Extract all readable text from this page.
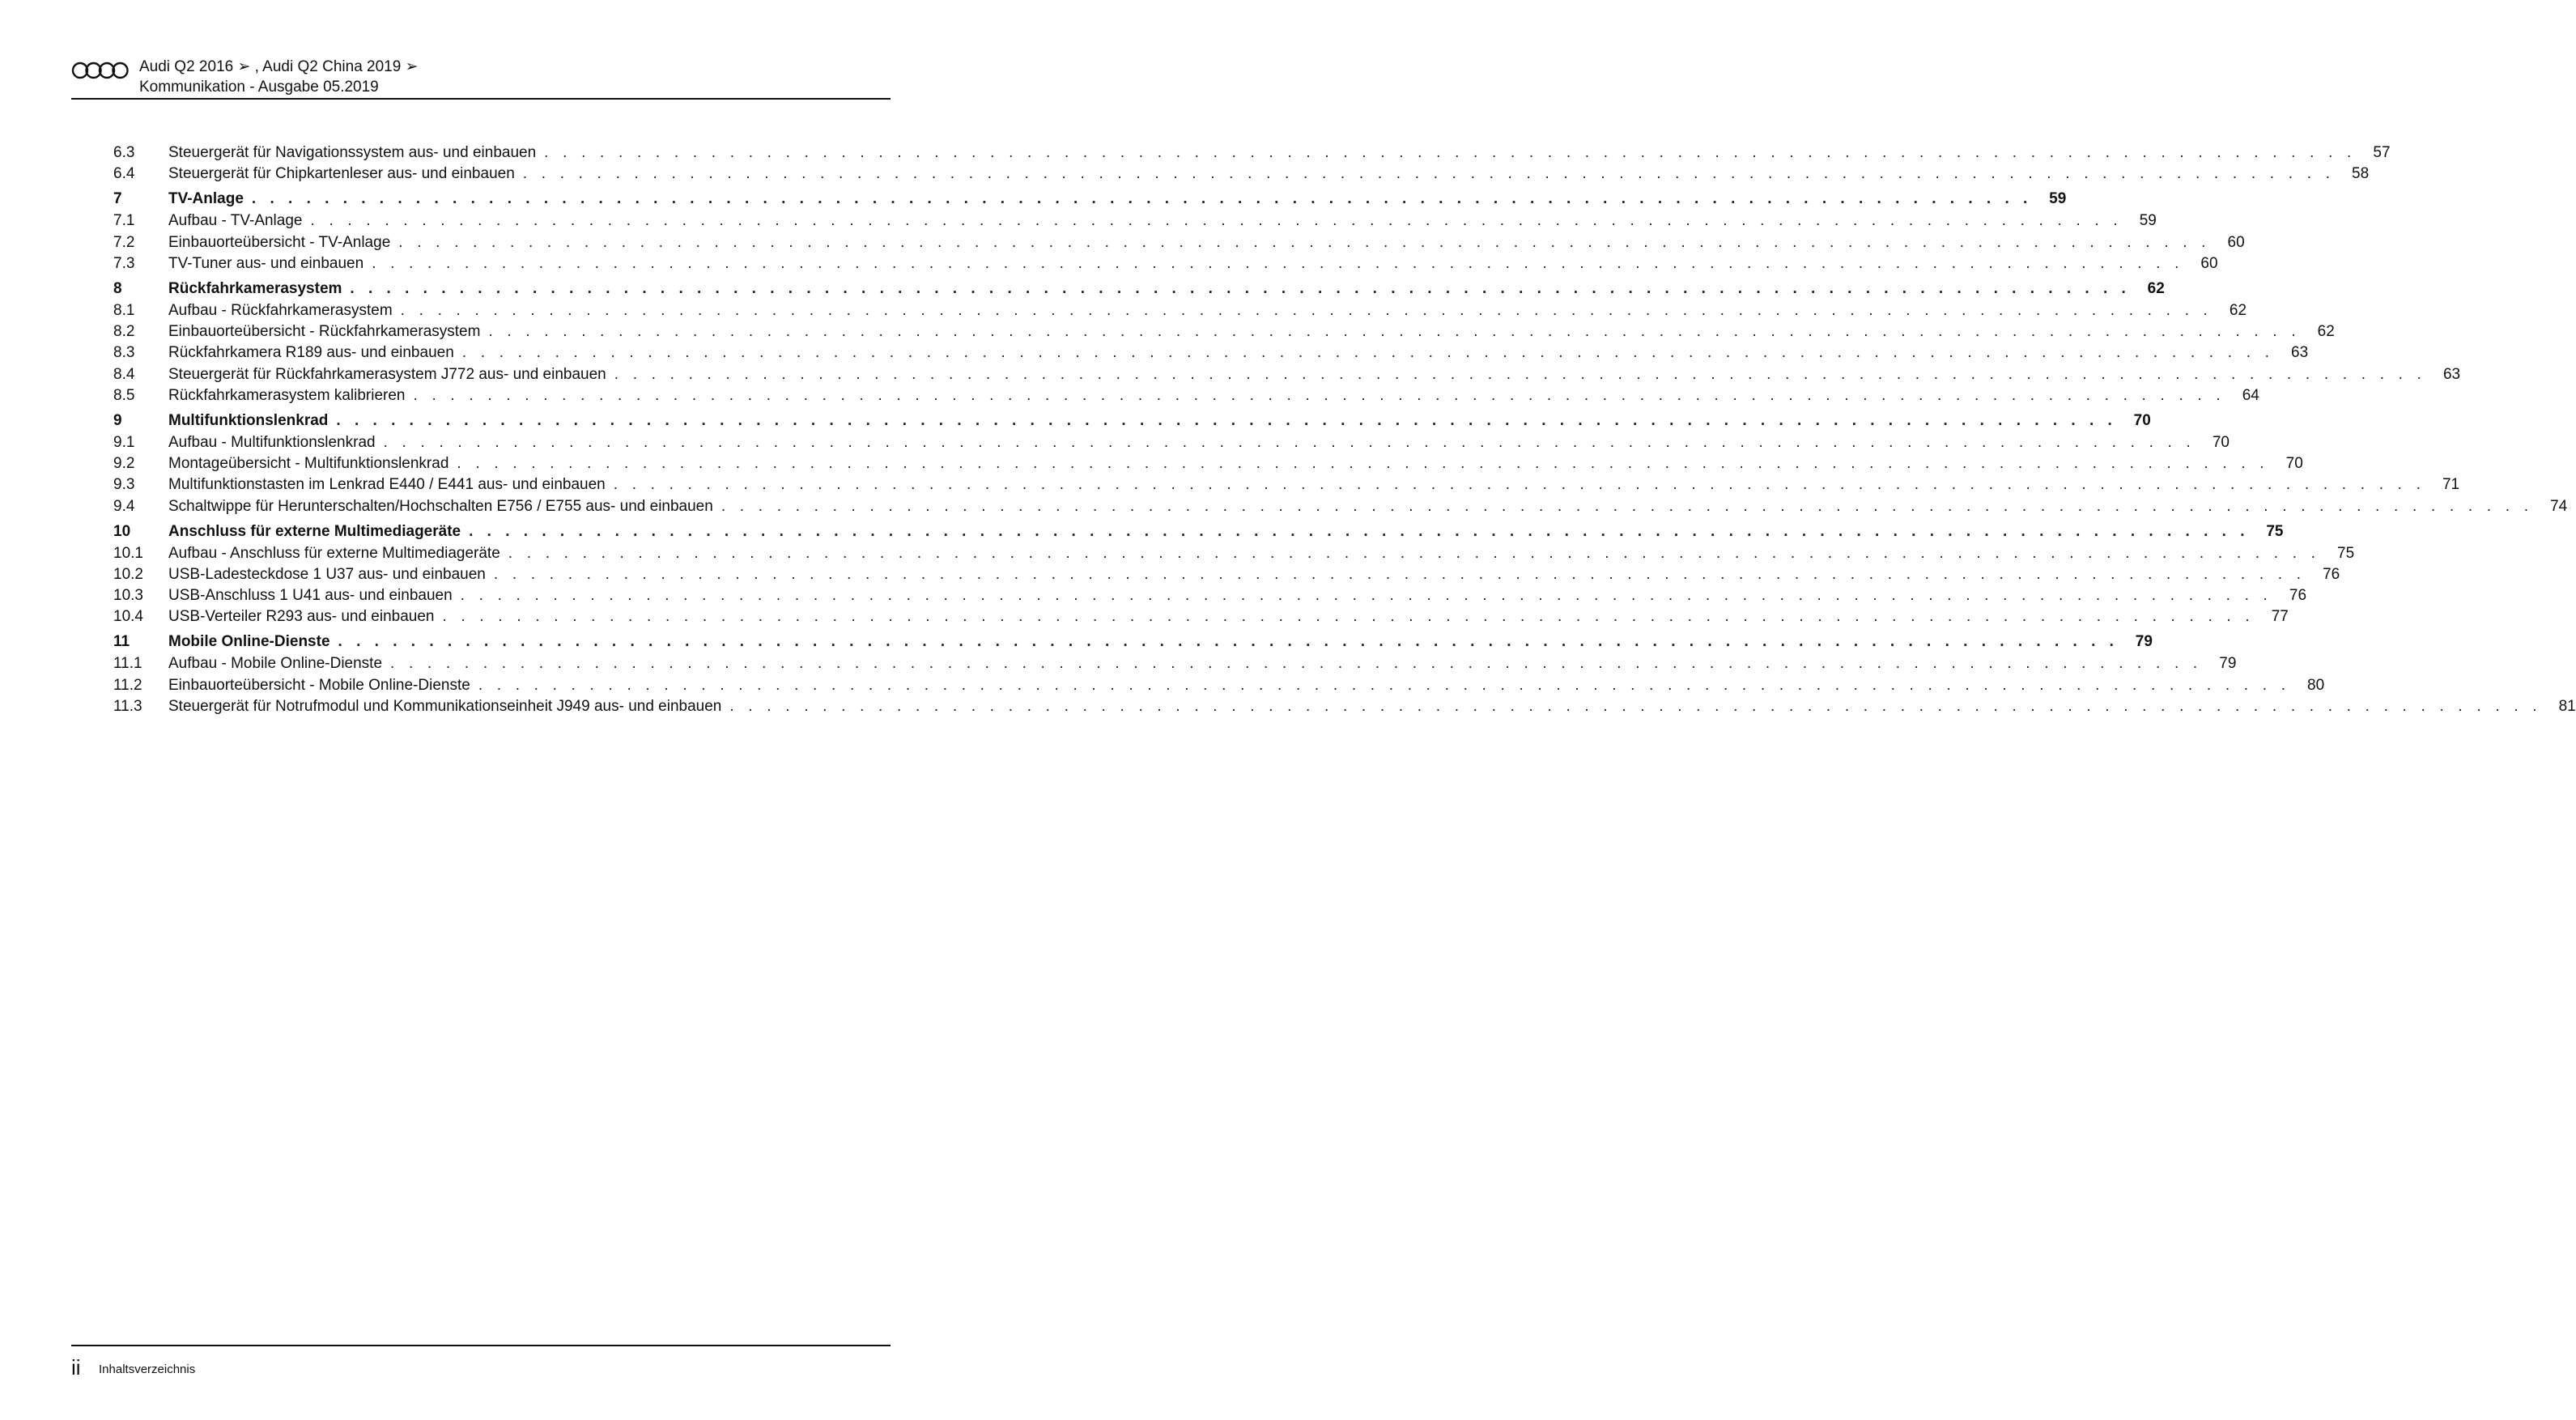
Audi Q2 2016 ➢ , Audi Q2 China 2019 ➢
Kommunikation - Ausgabe 05.2019
6.3	Steuergerät für Navigationssystem aus- und einbauen . . . . . . . . . . . . . . . . . . . . . . . . . . . . . . . . . . . . . . . . . . . . . . . . . . . . . . . . . . . . . . . . . . . . . . . . . . . . . . . . . . . . . . . . . . . . . . . . . .	57
6.4	Steuergerät für Chipkartenleser aus- und einbauen . . . . . . . . . . . . . . . . . . . . . . . . . . . . . . . . . . . . . . . . . . . . . . . . . . . . . . . . . . . . . . . . . . . . . . . . . . . . . . . . . . . . . . . . . . . . . . . . . .	58
7	TV-Anlage . . . . . . . . . . . . . . . . . . . . . . . . . . . . . . . . . . . . . . . . . . . . . . . . . . . . . . . . . . . . . . . . . . . . . . . . . . . . . . . . . . . . . . . . . . . . . . . . . .	59
7.1	Aufbau - TV-Anlage . . . . . . . . . . . . . . . . . . . . . . . . . . . . . . . . . . . . . . . . . . . . . . . . . . . . . . . . . . . . . . . . . . . . . . . . . . . . . . . . . . . . . . . . . . . . . . . . . .	59
7.2	Einbauorteübersicht - TV-Anlage . . . . . . . . . . . . . . . . . . . . . . . . . . . . . . . . . . . . . . . . . . . . . . . . . . . . . . . . . . . . . . . . . . . . . . . . . . . . . . . . . . . . . . . . . . . . . . . . . .	60
7.3	TV-Tuner aus- und einbauen . . . . . . . . . . . . . . . . . . . . . . . . . . . . . . . . . . . . . . . . . . . . . . . . . . . . . . . . . . . . . . . . . . . . . . . . . . . . . . . . . . . . . . . . . . . . . . . . . .	60
8	Rückfahrkamerasystem . . . . . . . . . . . . . . . . . . . . . . . . . . . . . . . . . . . . . . . . . . . . . . . . . . . . . . . . . . . . . . . . . . . . . . . . . . . . . . . . . . . . . . . . . . . . . . . . . .	62
8.1	Aufbau - Rückfahrkamerasystem . . . . . . . . . . . . . . . . . . . . . . . . . . . . . . . . . . . . . . . . . . . . . . . . . . . . . . . . . . . . . . . . . . . . . . . . . . . . . . . . . . . . . . . . . . . . . . . . . .	62
8.2	Einbauorteübersicht - Rückfahrkamerasystem . . . . . . . . . . . . . . . . . . . . . . . . . . . . . . . . . . . . . . . . . . . . . . . . . . . . . . . . . . . . . . . . . . . . . . . . . . . . . . . . . . . . . . . . . . . . . . . . . .	62
8.3	Rückfahrkamera R189 aus- und einbauen . . . . . . . . . . . . . . . . . . . . . . . . . . . . . . . . . . . . . . . . . . . . . . . . . . . . . . . . . . . . . . . . . . . . . . . . . . . . . . . . . . . . . . . . . . . . . . . . . .	63
8.4	Steuergerät für Rückfahrkamerasystem J772 aus- und einbauen . . . . . . . . . . . . . . . . . . . . . . . . . . . . . . . . . . . . . . . . . . . . . . . . . . . . . . . . . . . . . . . . . . . . . . . . . . . . . . . . . . . . . . . . . . . . . . . . . .	63
8.5	Rückfahrkamerasystem kalibrieren . . . . . . . . . . . . . . . . . . . . . . . . . . . . . . . . . . . . . . . . . . . . . . . . . . . . . . . . . . . . . . . . . . . . . . . . . . . . . . . . . . . . . . . . . . . . . . . . . .	64
9	Multifunktionslenkrad . . . . . . . . . . . . . . . . . . . . . . . . . . . . . . . . . . . . . . . . . . . . . . . . . . . . . . . . . . . . . . . . . . . . . . . . . . . . . . . . . . . . . . . . . . . . . . . . . .	70
9.1	Aufbau - Multifunktionslenkrad . . . . . . . . . . . . . . . . . . . . . . . . . . . . . . . . . . . . . . . . . . . . . . . . . . . . . . . . . . . . . . . . . . . . . . . . . . . . . . . . . . . . . . . . . . . . . . . . . .	70
9.2	Montageübersicht - Multifunktionslenkrad . . . . . . . . . . . . . . . . . . . . . . . . . . . . . . . . . . . . . . . . . . . . . . . . . . . . . . . . . . . . . . . . . . . . . . . . . . . . . . . . . . . . . . . . . . . . . . . . . .	70
9.3	Multifunktionstasten im Lenkrad E440 / E441 aus- und einbauen . . . . . . . . . . . . . . . . . . . . . . . . . . . . . . . . . . . . . . . . . . . . . . . . . . . . . . . . . . . . . . . . . . . . . . . . . . . . . . . . . . . . . . . . . . . . . . . . . .	71
9.4	Schaltwippe für Herunterschalten/Hochschalten E756 / E755 aus- und einbauen . . . . . . . . . . . . . . . . . . . . . . . . . . . . . . . . . . . . . . . . . . . . . . . . . . . . . . . . . . . . . . . . . . . . . . . . . . . . . . . . . . . . . . . . . . . . . . . . . .	74
10	Anschluss für externe Multimediageräte . . . . . . . . . . . . . . . . . . . . . . . . . . . . . . . . . . . . . . . . . . . . . . . . . . . . . . . . . . . . . . . . . . . . . . . . . . . . . . . . . . . . . . . . . . . . . . . . . .	75
10.1	Aufbau - Anschluss für externe Multimediageräte . . . . . . . . . . . . . . . . . . . . . . . . . . . . . . . . . . . . . . . . . . . . . . . . . . . . . . . . . . . . . . . . . . . . . . . . . . . . . . . . . . . . . . . . . . . . . . . . . .	75
10.2	USB-Ladesteckdose 1 U37 aus- und einbauen . . . . . . . . . . . . . . . . . . . . . . . . . . . . . . . . . . . . . . . . . . . . . . . . . . . . . . . . . . . . . . . . . . . . . . . . . . . . . . . . . . . . . . . . . . . . . . . . . .	76
10.3	USB-Anschluss 1 U41 aus- und einbauen . . . . . . . . . . . . . . . . . . . . . . . . . . . . . . . . . . . . . . . . . . . . . . . . . . . . . . . . . . . . . . . . . . . . . . . . . . . . . . . . . . . . . . . . . . . . . . . . . .	76
10.4	USB-Verteiler R293 aus- und einbauen . . . . . . . . . . . . . . . . . . . . . . . . . . . . . . . . . . . . . . . . . . . . . . . . . . . . . . . . . . . . . . . . . . . . . . . . . . . . . . . . . . . . . . . . . . . . . . . . . .	77
11	Mobile Online-Dienste . . . . . . . . . . . . . . . . . . . . . . . . . . . . . . . . . . . . . . . . . . . . . . . . . . . . . . . . . . . . . . . . . . . . . . . . . . . . . . . . . . . . . . . . . . . . . . . . . .	79
11.1	Aufbau - Mobile Online-Dienste . . . . . . . . . . . . . . . . . . . . . . . . . . . . . . . . . . . . . . . . . . . . . . . . . . . . . . . . . . . . . . . . . . . . . . . . . . . . . . . . . . . . . . . . . . . . . . . . . .	79
11.2	Einbauorteübersicht - Mobile Online-Dienste . . . . . . . . . . . . . . . . . . . . . . . . . . . . . . . . . . . . . . . . . . . . . . . . . . . . . . . . . . . . . . . . . . . . . . . . . . . . . . . . . . . . . . . . . . . . . . . . . .	80
11.3	Steuergerät für Notrufmodul und Kommunikationseinheit J949 aus- und einbauen . . . . . . . . . . . . . . . . . . . . . . . . . . . . . . . . . . . . . . . . . . . . . . . . . . . . . . . . . . . . . . . . . . . . . . . . . . . . . . . . . . . . . . . . . . . . . . . . . .	81
ii Inhaltsverzeichnis
